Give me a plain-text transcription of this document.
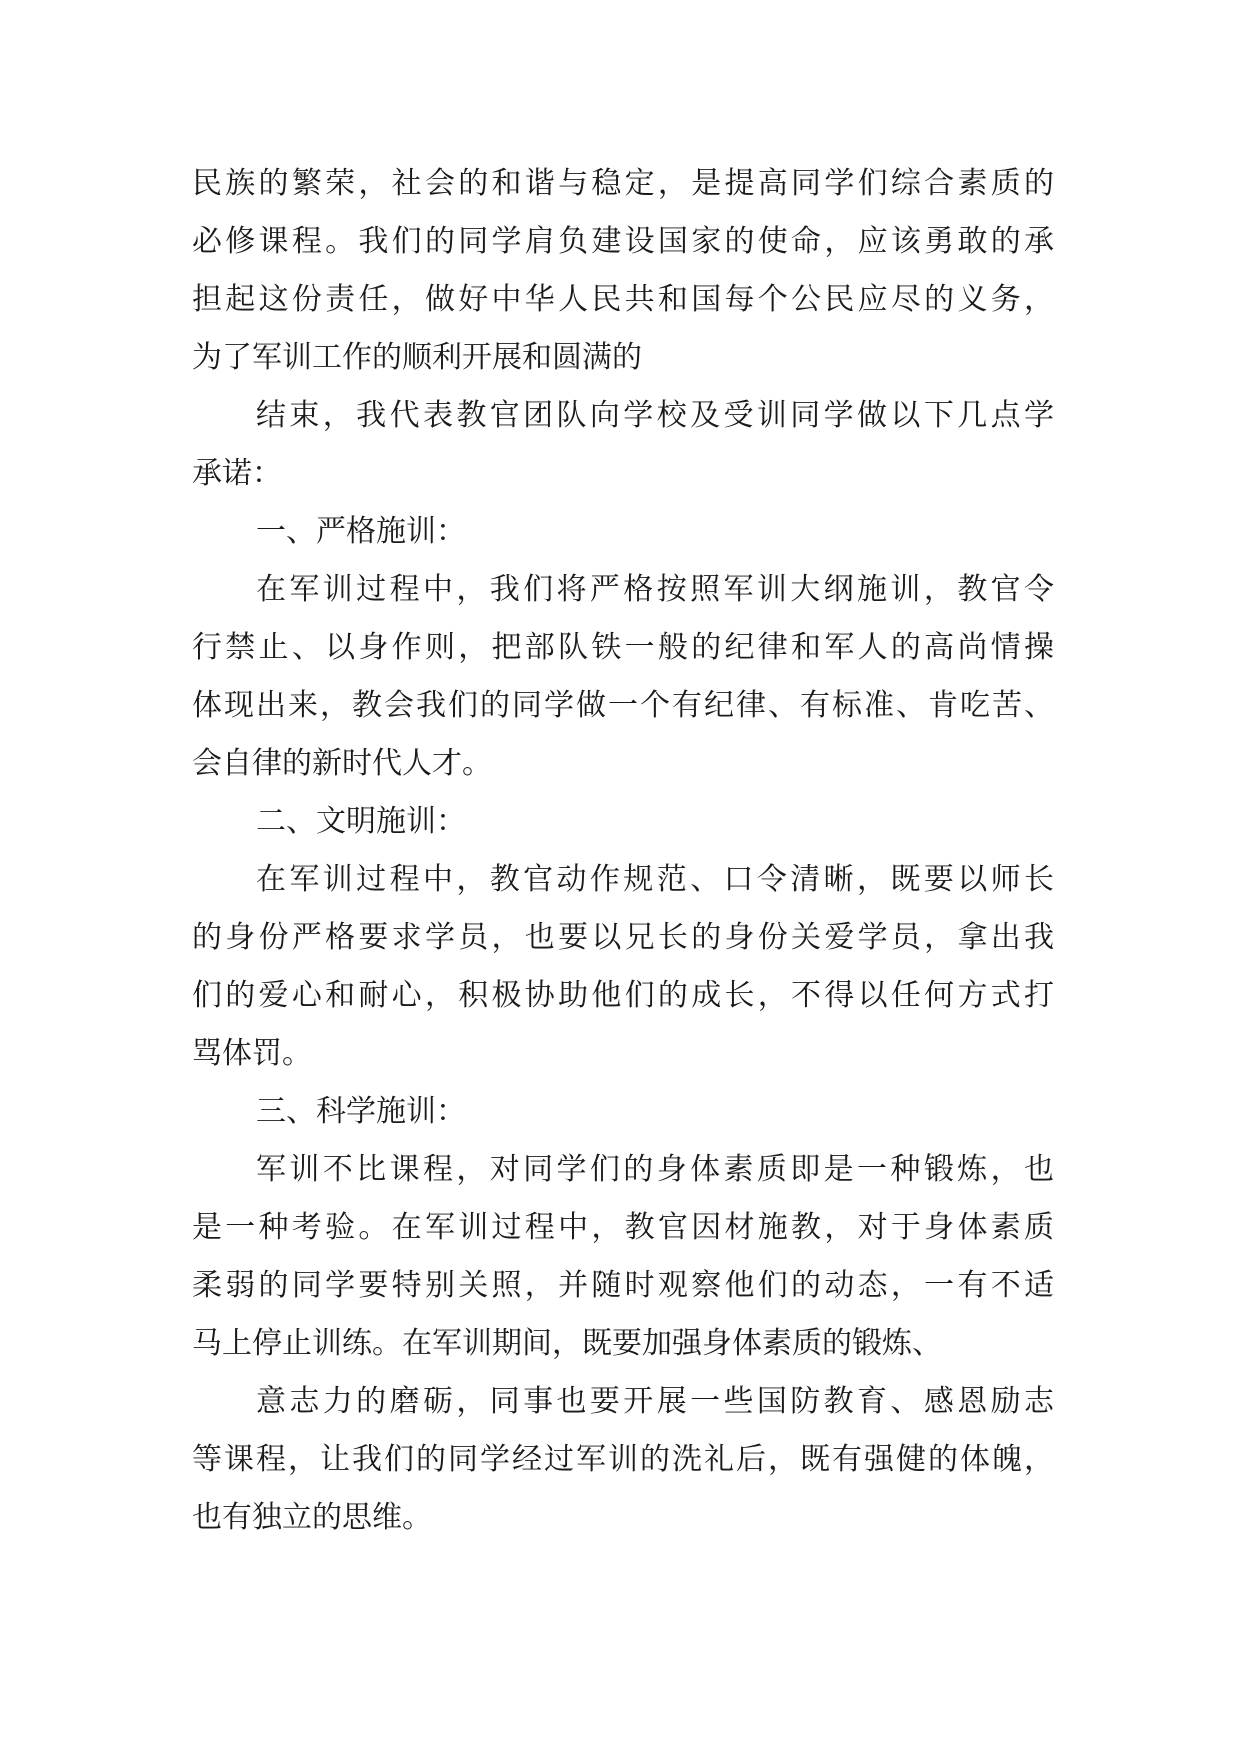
民族的繁荣，社会的和谐与稳定，是提高同学们综合素质的
必修课程。我们的同学肩负建设国家的使命，应该勇敢的承
担起这份责任，做好中华人民共和国每个公民应尽的义务，
为了军训工作的顺利开展和圆满的
结束，我代表教官团队向学校及受训同学做以下几点学
承诺：
一、严格施训：
在军训过程中，我们将严格按照军训大纲施训，教官令
行禁止、以身作则，把部队铁一般的纪律和军人的高尚情操
体现出来，教会我们的同学做一个有纪律、有标准、肯吃苦、
会自律的新时代人才。
二、文明施训：
在军训过程中，教官动作规范、口令清晰，既要以师长
的身份严格要求学员，也要以兄长的身份关爱学员，拿出我
们的爱心和耐心，积极协助他们的成长，不得以任何方式打
骂体罚。
三、科学施训：
军训不比课程，对同学们的身体素质即是一种锻炼，也
是一种考验。在军训过程中，教官因材施教，对于身体素质
柔弱的同学要特别关照，并随时观察他们的动态，一有不适
马上停止训练。在军训期间，既要加强身体素质的锻炼、
意志力的磨砺，同事也要开展一些国防教育、感恩励志
等课程，让我们的同学经过军训的洗礼后，既有强健的体魄，
也有独立的思维。
